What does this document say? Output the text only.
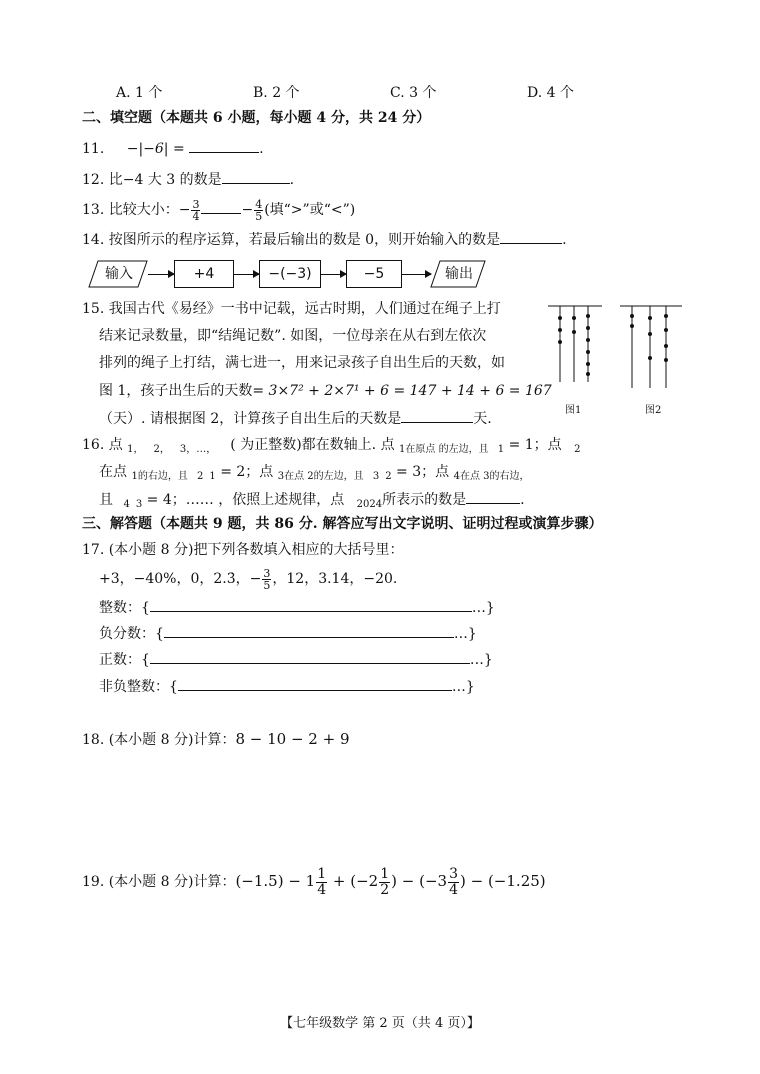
A. 1 个	B. 2 个	C. 3 个	D. 4 个
二、填空题（本题共 6 小题，每小题 4 分，共 24 分）
11. −|−6| =	.
12. 比−4 大 3 的数是	.
13. 比较大小：− $\frac{3}{4}$	− $\frac{4}{5}$ (填“>”或“<”)
14. 按图所示的程序运算，若最后输出的数是 0，则开始输入的数是	.
输入	+4	−(−3)	−5	输出
15. 我国古代《易经》一书中记载，远古时期，人们通过在绳子上打
结来记录数量，即“结绳记数”. 如图，一位母亲在从右到左依次
排列的绳子上打结，满七进一，用来记录孩子自出生后的天数，如
图 1，孩子出生后的天数= 3×7² + 2×7¹ + 6 = 147 + 14 + 6 = 167
（天）. 请根据图 2，计算孩子自出生后的天数是	天.
图1	图2
16. 点 $_{1,}$ $_{2,}$ $_{3,\dots,}$ ( 为正整数)都在数轴上. 点 $_{1在原点 的左边,且}$ $_1$ = 1；点 $_2$
在点 $_{1的右边,且}$ $_2$ $_1$ = 2；点 $_{3在点}$ $_{2的左边,且}$ $_3$ $_2$ = 3；点 $_{4在点}$ $_{3的右边,}$
且 $_4$ $_3$ = 4；…… ，依照上述规律，点 $_{2024}$所表示的数是	.
三、解答题（本题共 9 题，共 86 分. 解答应写出文字说明、证明过程或演算步骤）
17. (本小题 8 分)把下列各数填入相应的大括号里：
+3，−40%，0，2.3̇，− $\frac{3}{5}$ ，12，3.14，−20.
整数：{	…}
负分数：{	…}
正数：{	…}
非负整数：{	…}
18. (本小题 8 分)计算：8 − 10 − 2 + 9
19. (本小题 8 分)计算：$(-1.5) - 1 \frac{1}{4} + (-2 \frac{1}{2}$ ) − ($-3 \frac{3}{4}$ ) − (−1.25)
【七年级数学 第 2 页（共 4 页）】
